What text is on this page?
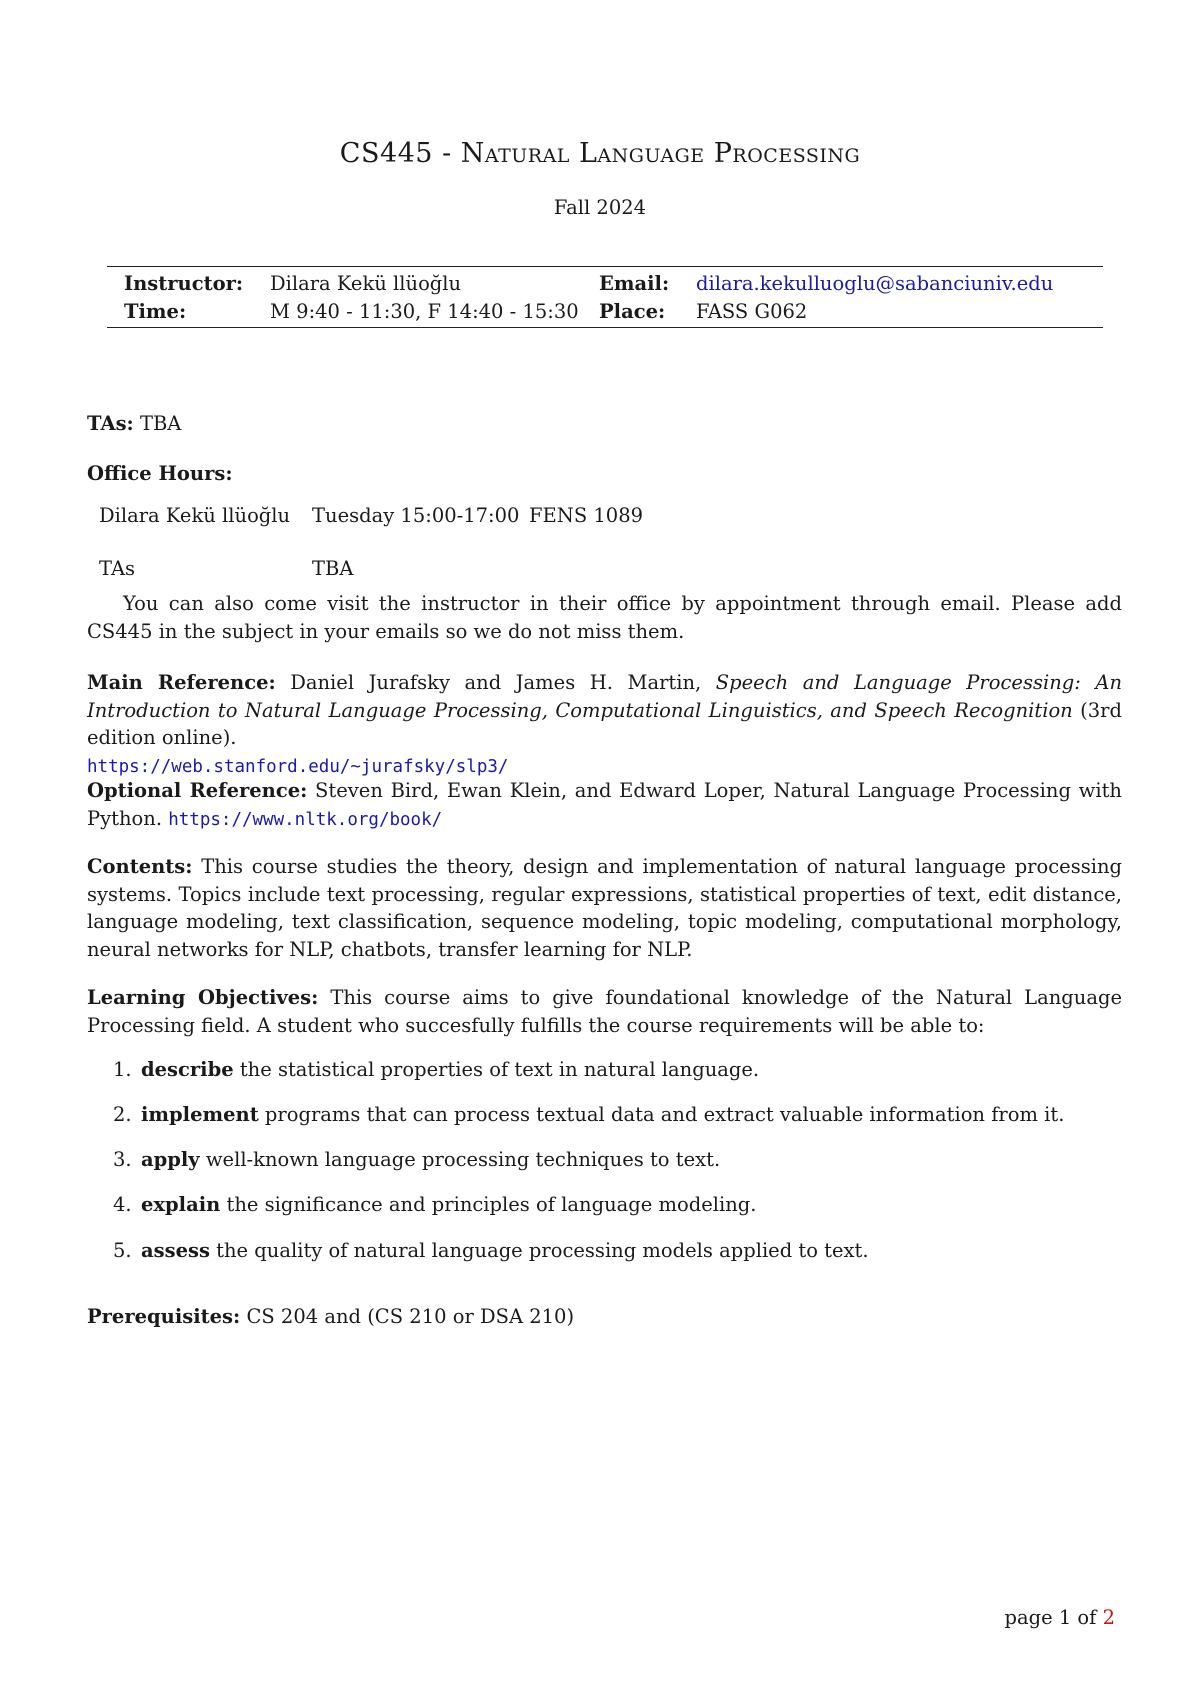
CS445 - Natural Language Processing
Fall 2024
Instructor:	Dilara Kekü llüoğlu	Email:	dilara.kekulluoglu@sabanciuniv.edu
Time:	M 9:40 - 11:30, F 14:40 - 15:30	Place:	FASS G062
TAs: TBA
Office Hours:
Dilara Kekü llüoğlu	Tuesday 15:00-17:00 FENS 1089
TAs	TBA
You can also come visit the instructor in their office by appointment through email. Please add CS445 in the subject in your emails so we do not miss them.
Main Reference: Daniel Jurafsky and James H. Martin, Speech and Language Processing: An Introduction to Natural Language Processing, Computational Linguistics, and Speech Recognition (3rd edition online).
https://web.stanford.edu/~jurafsky/slp3/
Optional Reference: Steven Bird, Ewan Klein, and Edward Loper, Natural Language Processing with Python. https://www.nltk.org/book/
Contents: This course studies the theory, design and implementation of natural language processing systems. Topics include text processing, regular expressions, statistical properties of text, edit distance, language modeling, text classification, sequence modeling, topic modeling, computational morphology, neural networks for NLP, chatbots, transfer learning for NLP.
Learning Objectives: This course aims to give foundational knowledge of the Natural Language Processing field. A student who succesfully fulfills the course requirements will be able to:
1. describe the statistical properties of text in natural language.
2. implement programs that can process textual data and extract valuable information from it.
3. apply well-known language processing techniques to text.
4. explain the significance and principles of language modeling.
5. assess the quality of natural language processing models applied to text.
Prerequisites: CS 204 and (CS 210 or DSA 210)
page 1 of 2
